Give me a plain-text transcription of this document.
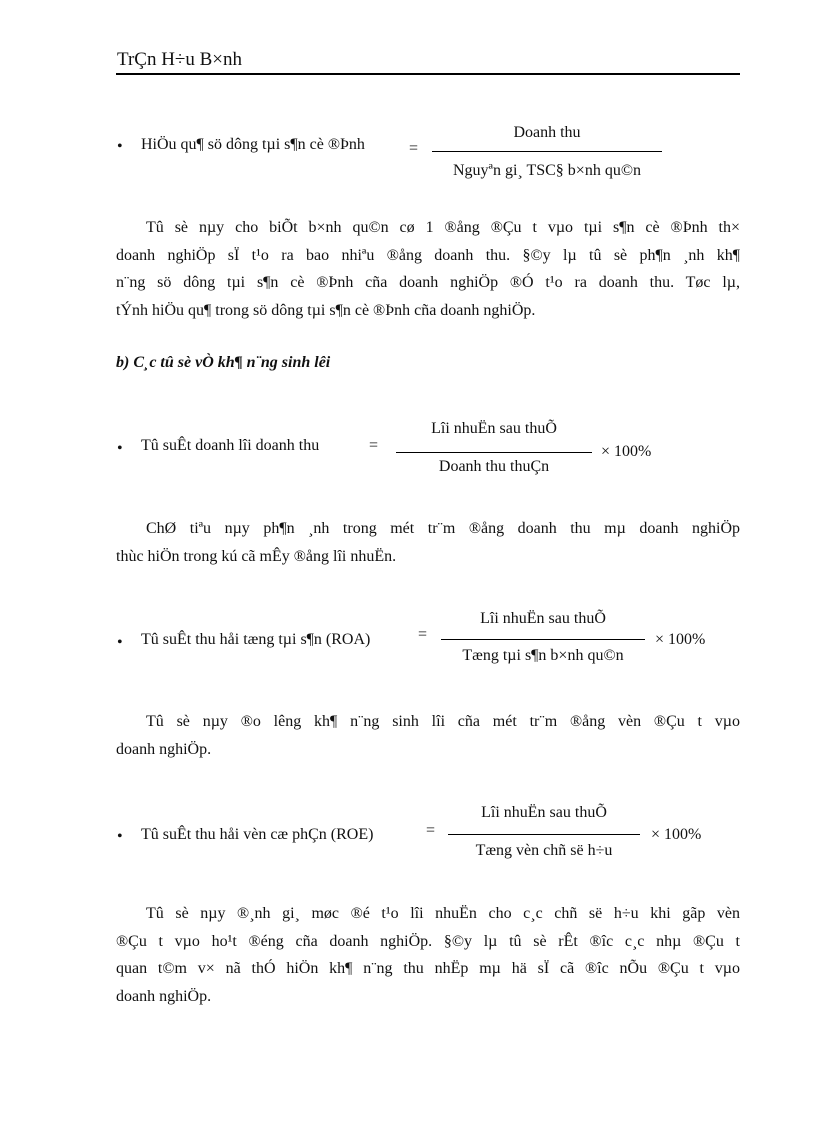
TrÇn H÷u B×nh
• HiÖu qu¶ sö dông tµi s¶n cè ®Þnh	=
Doanh thu
Nguyªn gi¸ TSC§ b×nh qu©n

Tû sè nµy cho biÕt b×nh qu©n cø 1 ®ång ®Çu t vµo tµi s¶n cè ®Þnh th×

doanh nghiÖp sÏ t¹o ra bao nhiªu ®ång doanh thu. §©y lµ tû sè ph¶n ¸nh kh¶

n¨ng sö dông tµi s¶n cè ®Þnh cña doanh nghiÖp ®Ó t¹o ra doanh thu. Tøc lµ,

tÝnh hiÖu qu¶ trong sö dông tµi s¶n cè ®Þnh cña doanh nghiÖp.

b) C¸c tû sè vÒ kh¶ n¨ng sinh lêi
• Tû suÊt doanh lîi doanh thu	=
Lîi nhuËn sau thuÕ
Doanh thu thuÇn
× 100%

ChØ tiªu nµy ph¶n ¸nh trong mét tr¨m ®ång doanh thu mµ doanh nghiÖp

thùc hiÖn trong kú cã mÊy ®ång lîi nhuËn.

• Tû suÊt thu håi tæng tµi s¶n (ROA)	=
Lîi nhuËn sau thuÕ
Tæng tµi s¶n b×nh qu©n
× 100%

Tû sè nµy ®o lêng kh¶ n¨ng sinh lîi cña mét tr¨m ®ång vèn ®Çu t vµo

doanh nghiÖp.

• Tû suÊt thu håi vèn cæ phÇn (ROE)	=
Lîi nhuËn sau thuÕ
Tæng vèn chñ së h÷u
× 100%

Tû sè nµy ®¸nh gi¸ møc ®é t¹o lîi nhuËn cho c¸c chñ së h÷u khi gãp vèn

®Çu t vµo ho¹t ®éng cña doanh nghiÖp. §©y lµ tû sè rÊt ®îc c¸c nhµ ®Çu t

quan t©m v× nã thÓ hiÖn kh¶ n¨ng thu nhËp mµ hä sÏ cã ®îc nÕu ®Çu t vµo

doanh nghiÖp.
